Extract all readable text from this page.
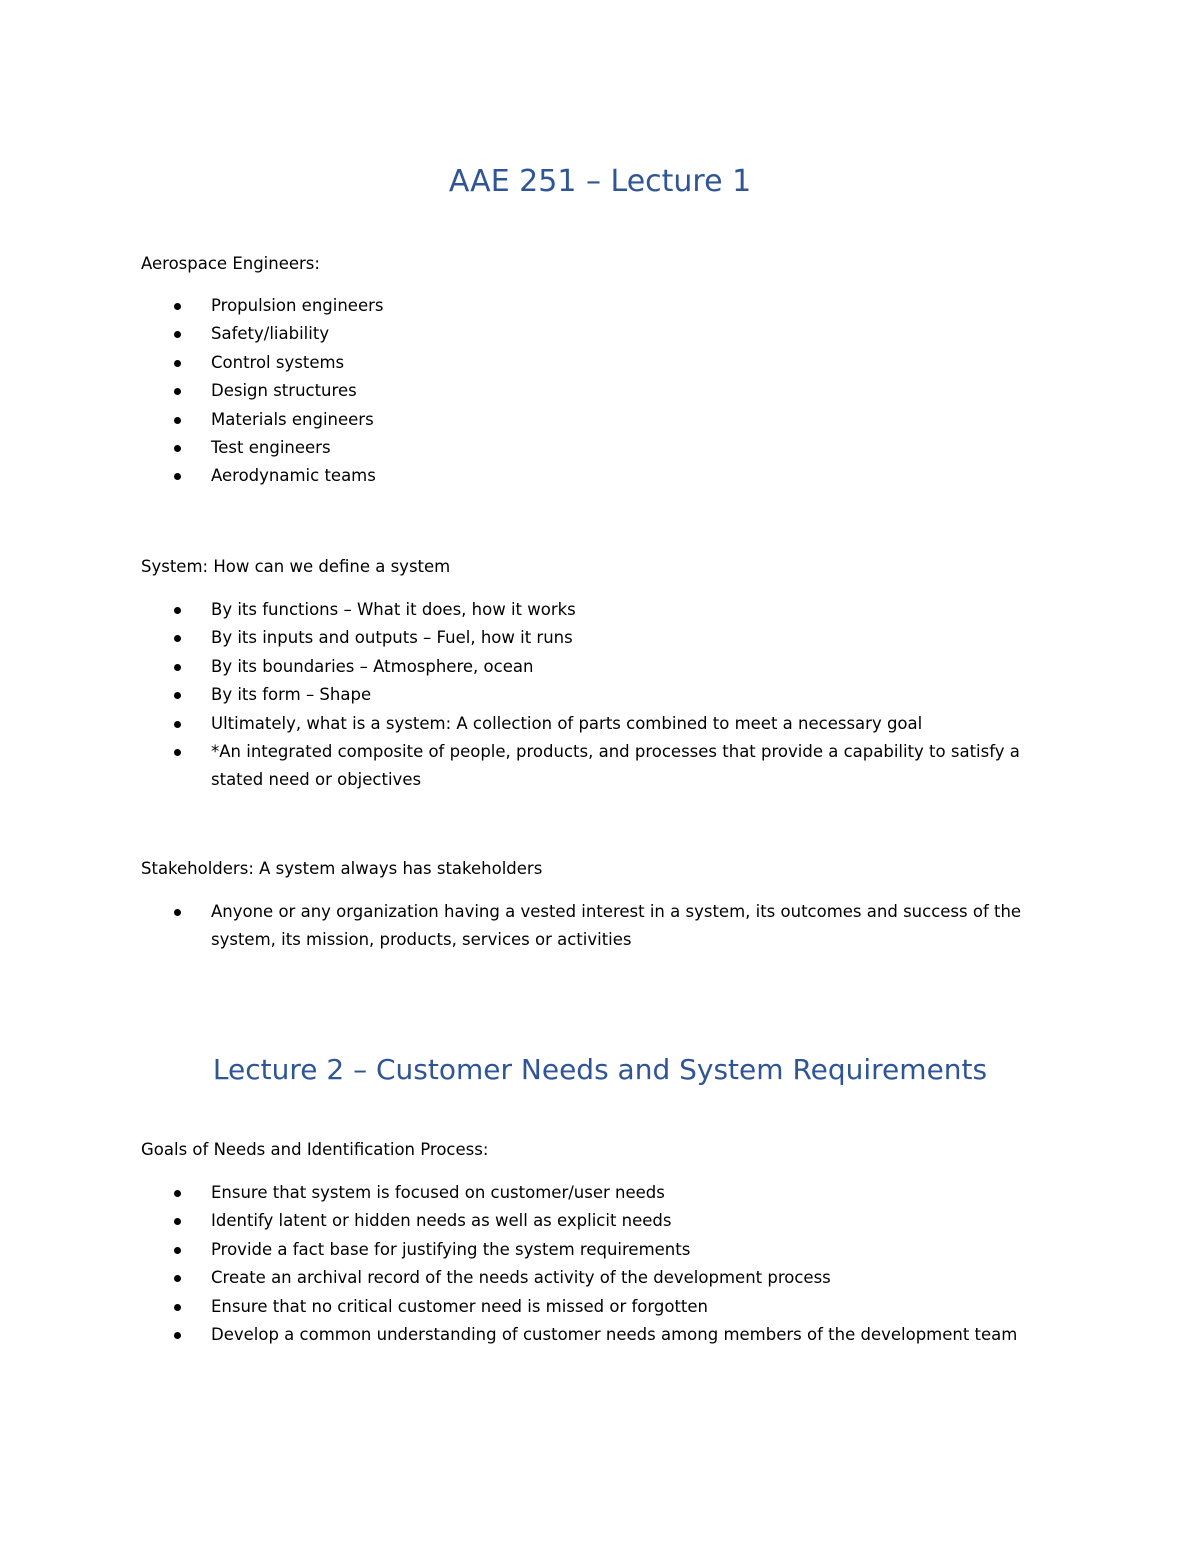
AAE 251 – Lecture 1

Aerospace Engineers:

Propulsion engineers
Safety/liability
Control systems
Design structures
Materials engineers
Test engineers
Aerodynamic teams

System: How can we define a system

By its functions – What it does, how it works
By its inputs and outputs – Fuel, how it runs
By its boundaries – Atmosphere, ocean
By its form – Shape
Ultimately, what is a system: A collection of parts combined to meet a necessary goal
*An integrated composite of people, products, and processes that provide a capability to satisfy a stated need or objectives

Stakeholders: A system always has stakeholders

Anyone or any organization having a vested interest in a system, its outcomes and success of the system, its mission, products, services or activities
Lecture 2 – Customer Needs and System Requirements

Goals of Needs and Identification Process:

Ensure that system is focused on customer/user needs
Identify latent or hidden needs as well as explicit needs
Provide a fact base for justifying the system requirements
Create an archival record of the needs activity of the development process
Ensure that no critical customer need is missed or forgotten
Develop a common understanding of customer needs among members of the development team
